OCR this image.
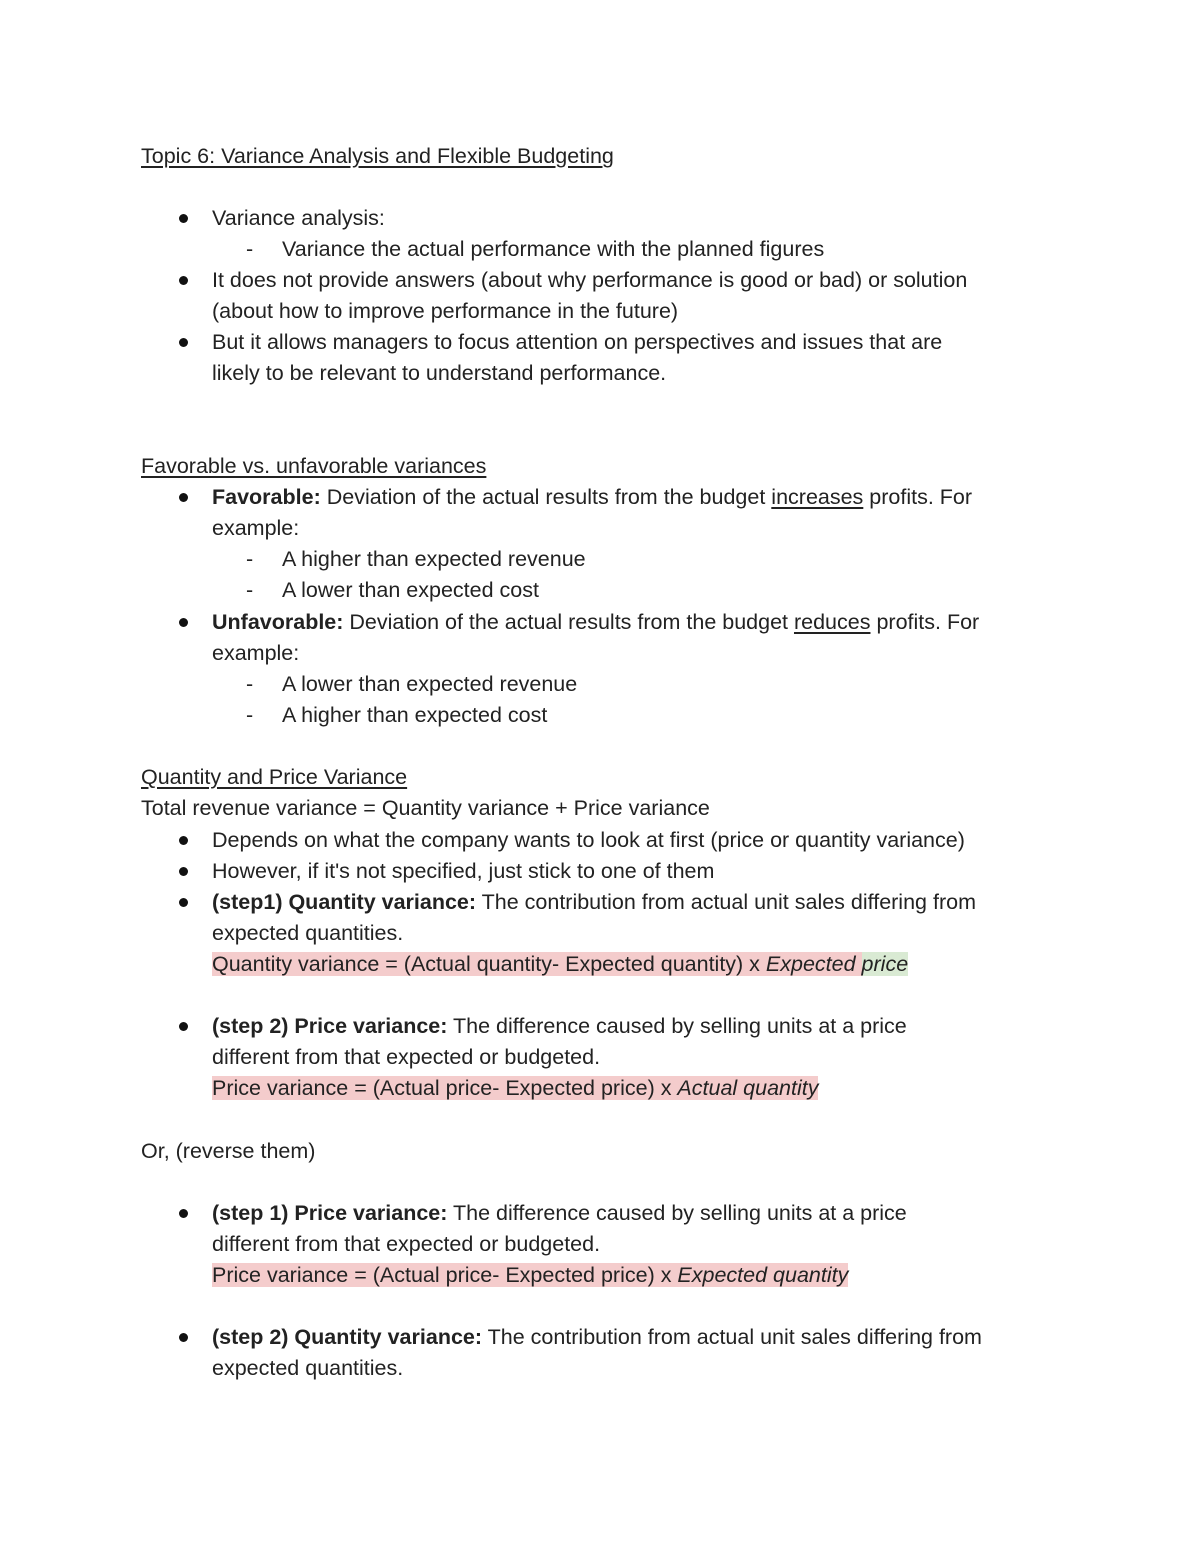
Topic 6: Variance Analysis and Flexible Budgeting
Variance analysis:
- Variance the actual performance with the planned figures
It does not provide answers (about why performance is good or bad) or solution
(about how to improve performance in the future)
But it allows managers to focus attention on perspectives and issues that are
likely to be relevant to understand performance.
Favorable vs. unfavorable variances
Favorable: Deviation of the actual results from the budget increases profits. For
example:
- A higher than expected revenue
- A lower than expected cost
Unfavorable: Deviation of the actual results from the budget reduces profits. For
example:
- A lower than expected revenue
- A higher than expected cost
Quantity and Price Variance
Total revenue variance = Quantity variance + Price variance
Depends on what the company wants to look at first (price or quantity variance)
However, if it's not specified, just stick to one of them
(step1) Quantity variance: The contribution from actual unit sales differing from
expected quantities.
Quantity variance = (Actual quantity- Expected quantity) x Expected price
(step 2) Price variance: The difference caused by selling units at a price
different from that expected or budgeted.
Price variance = (Actual price- Expected price) x Actual quantity
Or, (reverse them)
(step 1) Price variance: The difference caused by selling units at a price
different from that expected or budgeted.
Price variance = (Actual price- Expected price) x Expected quantity
(step 2) Quantity variance: The contribution from actual unit sales differing from
expected quantities.
